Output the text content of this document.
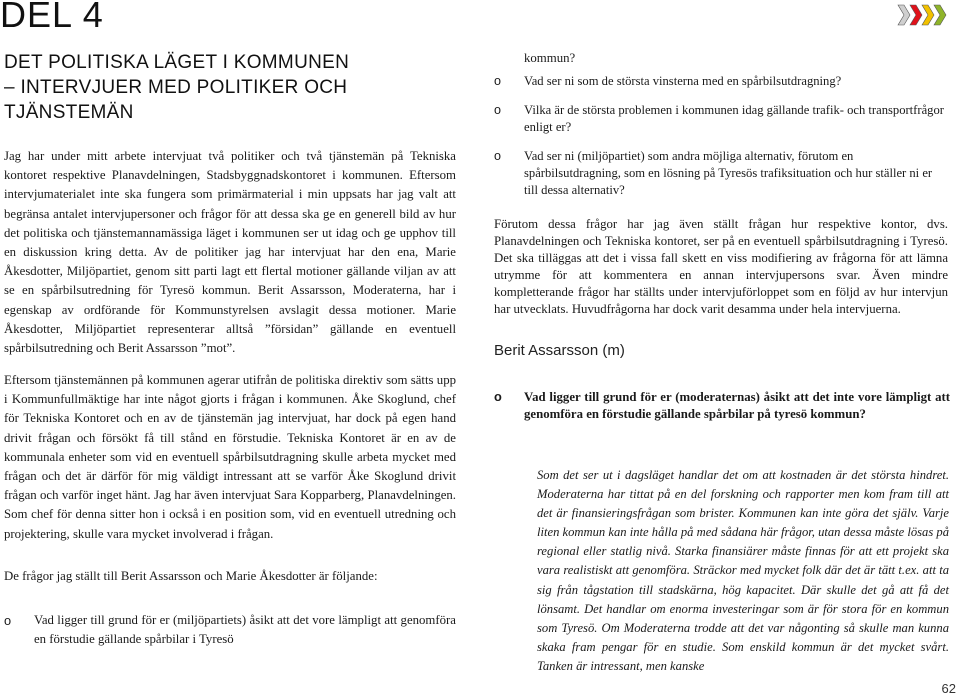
DEL 4
DET POLITISKA LÄGET I KOMMUNEN
– INTERVJUER MED POLITIKER OCH
TJÄNSTEMÄN

Jag har under mitt arbete intervjuat två politiker och två tjänstemän på Tekniska kontoret respektive Planavdelningen, Stadsbyggnadskontoret i kommunen. Eftersom intervjumaterialet inte ska fungera som primärmaterial i min uppsats har jag valt att begränsa antalet intervjupersoner och frågor för att dessa ska ge en generell bild av hur det politiska och tjänstemannamässiga läget i kommunen ser ut idag och ge upphov till en diskussion kring detta. Av de politiker jag har intervjuat har den ena, Marie Åkesdotter, Miljöpartiet, genom sitt parti lagt ett flertal motioner gällande viljan av att se en spårbilsutredning för Tyresö kommun. Berit Assarsson, Moderaterna, har i egenskap av ordförande för Kommunstyrelsen avslagit dessa motioner. Marie Åkesdotter, Miljöpartiet representerar alltså ”försidan” gällande en eventuell spårbilsutredning och Berit Assarsson ”mot”.

Eftersom tjänstemännen på kommunen agerar utifrån de politiska direktiv som sätts upp i Kommunfullmäktige har inte något gjorts i frågan i kommunen. Åke Skoglund, chef för Tekniska Kontoret och en av de tjänstemän jag intervjuat, har dock på egen hand drivit frågan och försökt få till stånd en förstudie. Tekniska Kontoret är en av de kommunala enheter som vid en eventuell spårbilsutdragning skulle arbeta mycket med frågan och det är därför för mig väldigt intressant att se varför Åke Skoglund drivit frågan och varför inget hänt. Jag har även intervjuat Sara Kopparberg, Planavdelningen. Som chef för denna sitter hon i också i en position som, vid en eventuell utredning och projektering, skulle vara mycket involverad i frågan.

De frågor jag ställt till Berit Assarsson och Marie Åkesdotter är följande:

o Vad ligger till grund för er (miljöpartiets) åsikt att det vore lämpligt att genomföra en förstudie gällande spårbilar i Tyresö
kommun?
o Vad ser ni som de största vinsterna med en spårbilsutdragning?
o Vilka är de största problemen i kommunen idag gällande trafik- och transportfrågor enligt er?
o Vad ser ni (miljöpartiet) som andra möjliga alternativ, förutom en spårbilsutdragning, som en lösning på Tyresös trafiksituation och hur ställer ni er till dessa alternativ?

Förutom dessa frågor har jag även ställt frågan hur respektive kontor, dvs. Planavdelningen och Tekniska kontoret, ser på en eventuell spårbilsutdragning i Tyresö. Det ska tilläggas att det i vissa fall skett en viss modifiering av frågorna för att lämna utrymme för att kommentera en annan intervjupersons svar. Även mindre kompletterande frågor har ställts under intervjuförloppet som en följd av hur intervjun har utvecklats. Huvudfrågorna har dock varit desamma under hela intervjuerna.

Berit Assarsson (m)
o Vad ligger till grund för er (moderaternas) åsikt att det inte vore lämpligt att genomföra en förstudie gällande spårbilar på tyresö kommun?

Som det ser ut i dagsläget handlar det om att kostnaden är det största hindret. Moderaterna har tittat på en del forskning och rapporter men kom fram till att det är finansieringsfrågan som brister. Kommunen kan inte göra det själv. Varje liten kommun kan inte hålla på med sådana här frågor, utan dessa måste lösas på regional eller statlig nivå. Starka finansiärer måste finnas för att ett projekt ska vara realistiskt att genomföra. Sträckor med mycket folk där det är tätt t.ex. att ta sig från tågstation till stadskärna, hög kapacitet. Där skulle det gå att få det lönsamt. Det handlar om enorma investeringar som är för stora för en kommun som Tyresö. Om Moderaterna trodde att det var någonting så skulle man kunna skaka fram pengar för en studie. Som enskild kommun är det mycket svårt. Tanken är intressant, men kanske

62
